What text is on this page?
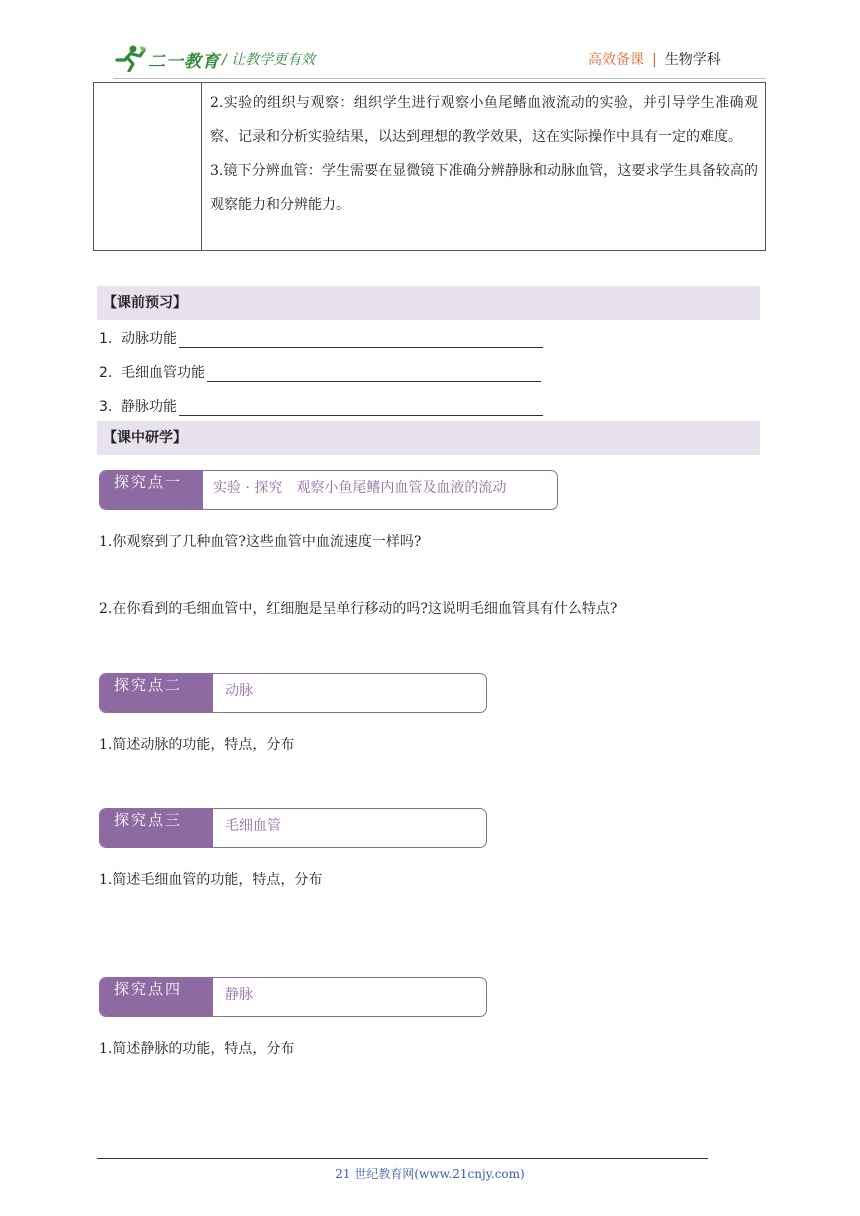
二一教育 / 让教学更有效	高效备课 | 生物学科

2.实验的组织与观察：组织学生进行观察小鱼尾鳍血液流动的实验，并引导学生准确观察、记录和分析实验结果，以达到理想的教学效果，这在实际操作中具有一定的难度。

3.镜下分辨血管：学生需要在显微镜下准确分辨静脉和动脉血管，这要求学生具备较高的观察能力和分辨能力。

【课前预习】
1. 动脉功能
2. 毛细血管功能
3. 静脉功能
【课中研学】
探究点一	实验 · 探究　观察小鱼尾鳍内血管及血液的流动
1.你观察到了几种血管?这些血管中血流速度一样吗?
2.在你看到的毛细血管中，红细胞是呈单行移动的吗?这说明毛细血管具有什么特点?
探究点二	动脉
1.简述动脉的功能，特点，分布
探究点三	毛细血管
1.简述毛细血管的功能，特点，分布
探究点四	静脉
1.简述静脉的功能，特点，分布
21 世纪教育网(www.21cnjy.com)
